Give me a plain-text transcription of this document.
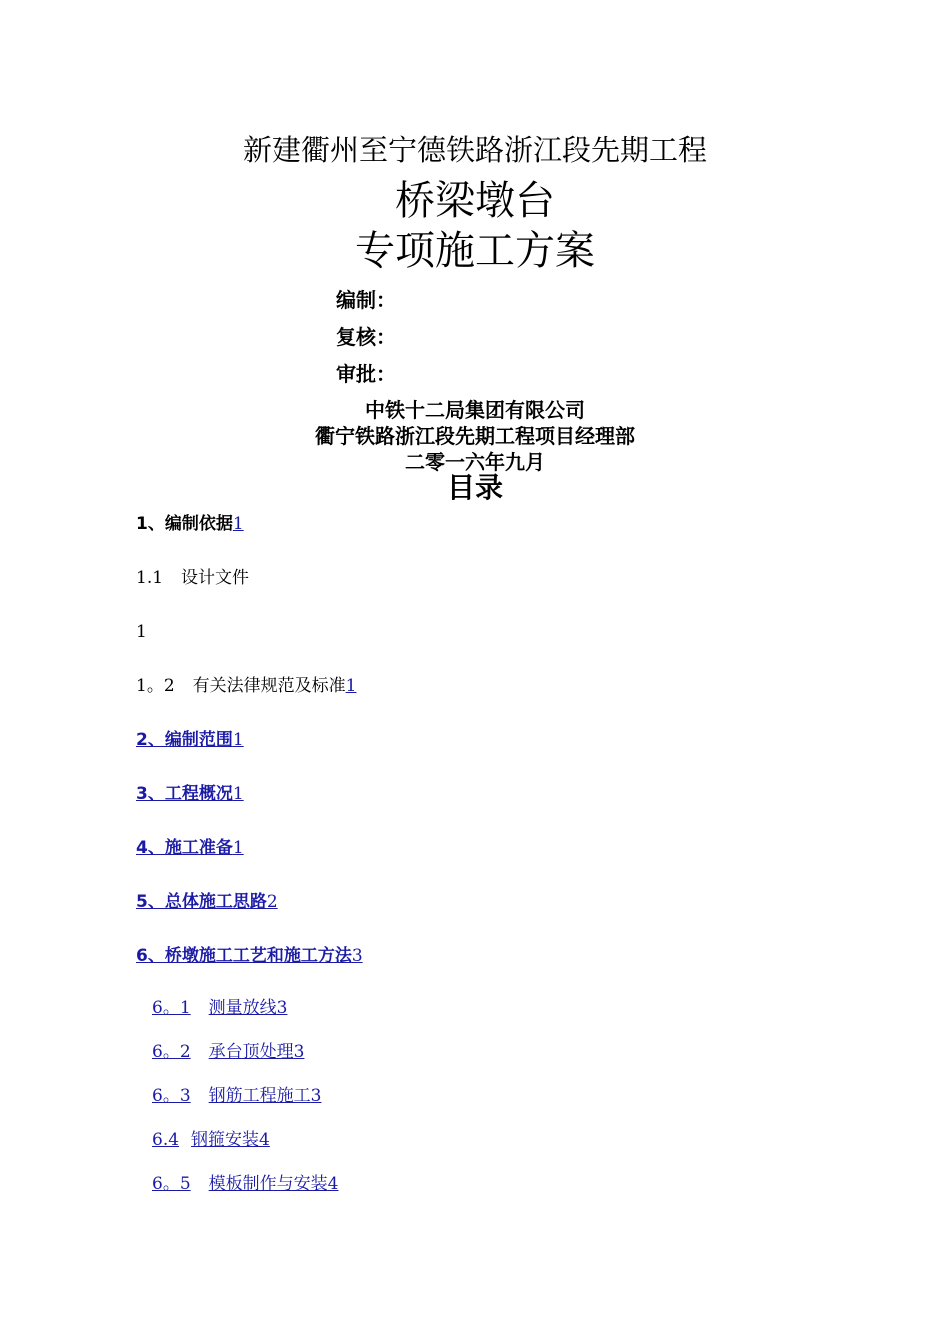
新建衢州至宁德铁路浙江段先期工程
桥梁墩台
专项施工方案
编制：
复核：
审批：
中铁十二局集团有限公司
衢宁铁路浙江段先期工程项目经理部
二零一六年九月
目录
1、编制依据1
1.1 设计文件
1
1。2 有关法律规范及标准1
2、编制范围1
3、工程概况1
4、施工准备1
5、总体施工思路2
6、桥墩施工工艺和施工方法3
6。1 测量放线3
6。2 承台顶处理3
6。3 钢筋工程施工3
6.4 钢箍安装4
6。5 模板制作与安装4
